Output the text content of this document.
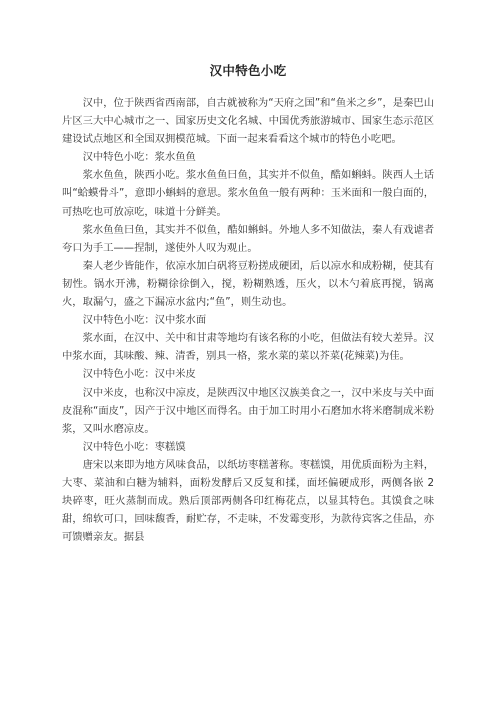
汉中特色小吃

汉中，位于陕西省西南部，自古就被称为“天府之国”和“鱼米之乡”，是秦巴山片区三大中心城市之一、国家历史文化名城、中国优秀旅游城市、国家生态示范区建设试点地区和全国双拥模范城。下面一起来看看这个城市的特色小吃吧。

汉中特色小吃：浆水鱼鱼

浆水鱼鱼，陕西小吃。浆水鱼鱼曰鱼，其实并不似鱼，酷如蝌蚪。陕西人土话叫“蛤蟆骨斗”，意即小蝌蚪的意思。浆水鱼鱼一般有两种：玉米面和一般白面的，可热吃也可放凉吃，味道十分鲜美。

浆水鱼鱼曰鱼，其实并不似鱼，酷如蝌蚪。外地人多不知做法，秦人有戏谑者夸口为手工——捏制，遂使外人叹为观止。

秦人老少皆能作，依凉水加白矾将豆粉搓成硬团，后以凉水和成粉糊，使其有韧性。锅水开沸，粉糊徐徐倒入，搅，粉糊熟透，压火，以木勺着底再搅，锅离火，取漏勺，盛之下漏凉水盆内;“鱼”，则生动也。

汉中特色小吃：汉中浆水面

浆水面，在汉中、关中和甘肃等地均有该名称的小吃，但做法有较大差异。汉中浆水面，其味酸、辣、清香，别具一格，浆水菜的菜以芥菜(花辣菜)为佳。

汉中特色小吃：汉中米皮

汉中米皮，也称汉中凉皮，是陕西汉中地区汉族美食之一，汉中米皮与关中面皮混称“面皮”，因产于汉中地区而得名。由于加工时用小石磨加水将米磨制成米粉浆，又叫水磨凉皮。

汉中特色小吃：枣糕馍

唐宋以来即为地方风味食品，以纸坊枣糕著称。枣糕馍，用优质面粉为主料，大枣、菜油和白糖为辅料，面粉发酵后又反复和揉，面坯偏硬成形，两侧各嵌 2 块碎枣，旺火蒸制而成。熟后顶部两侧各印红梅花点，以显其特色。其馍食之味甜，绵软可口，回味馥香，耐贮存，不走味，不发霉变形，为款待宾客之佳品，亦可馈赠亲友。据县
